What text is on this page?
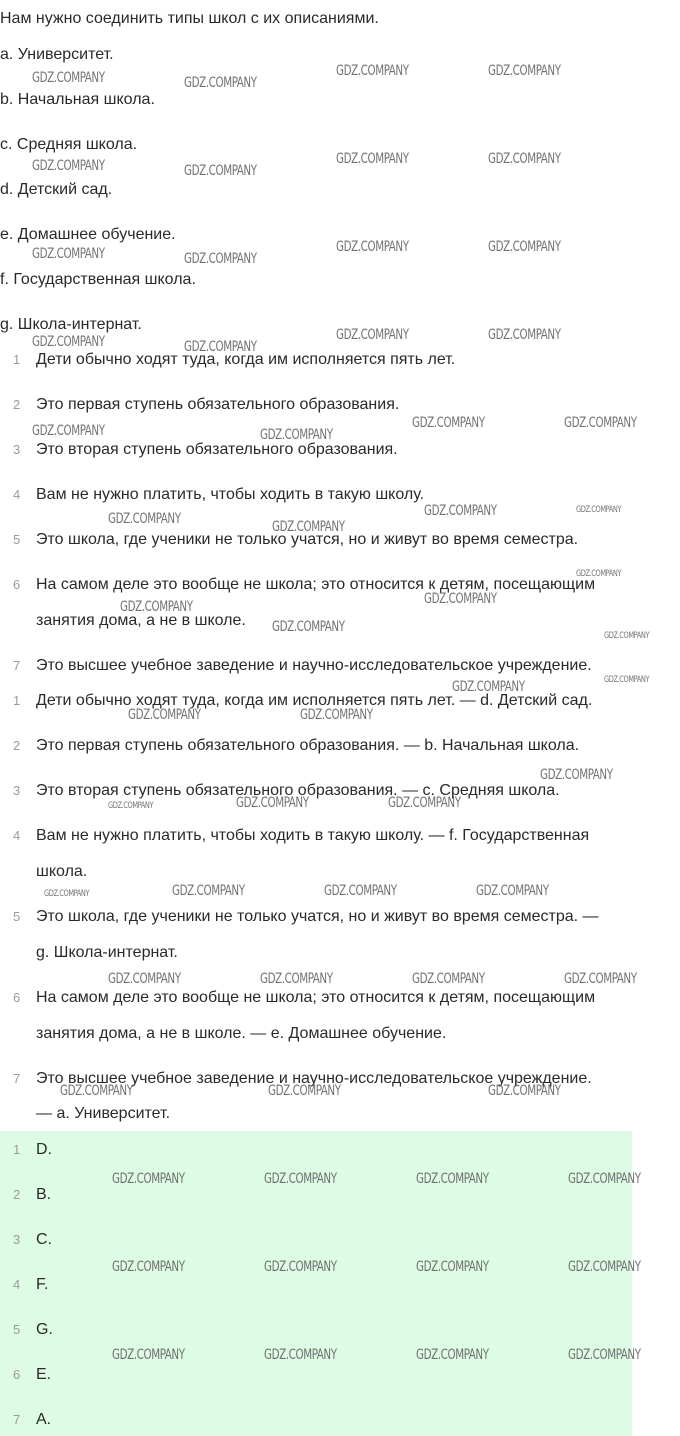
Нам нужно соединить типы школ с их описаниями.
a. Университет.
b. Начальная школа.
c. Средняя школа.
d. Детский сад.
e. Домашнее обучение.
f. Государственная школа.
g. Школа-интернат.
1 Дети обычно ходят туда, когда им исполняется пять лет.
2 Это первая ступень обязательного образования.
3 Это вторая ступень обязательного образования.
4 Вам не нужно платить, чтобы ходить в такую школу.
5 Это школа, где ученики не только учатся, но и живут во время семестра.
6 На самом деле это вообще не школа; это относится к детям, посещающим
занятия дома, а не в школе.
7 Это высшее учебное заведение и научно-исследовательское учреждение.
1 Дети обычно ходят туда, когда им исполняется пять лет. — d. Детский сад.
2 Это первая ступень обязательного образования. — b. Начальная школа.
3 Это вторая ступень обязательного образования. — c. Средняя школа.
4 Вам не нужно платить, чтобы ходить в такую школу. — f. Государственная
школа.
5 Это школа, где ученики не только учатся, но и живут во время семестра. —
g. Школа-интернат.
6 На самом деле это вообще не школа; это относится к детям, посещающим
занятия дома, а не в школе. — e. Домашнее обучение.
7 Это высшее учебное заведение и научно-исследовательское учреждение.
— a. Университет.
1 D.
2 B.
3 C.
4 F.
5 G.
6 E.
7 A.
GDZ.COMPANY	GDZ.COMPANY
GDZ.COMPANY	GDZ.COMPANY
GDZ.COMPANY	GDZ.COMPANY
GDZ.COMPANY	GDZ.COMPANY
GDZ.COMPANY	GDZ.COMPANY
GDZ.COMPANY	GDZ.COMPANY
GDZ.COMPANY	GDZ.COMPANY
GDZ.COMPANY	GDZ.COMPANY
GDZ.COMPANY	GDZ.COMPANY
GDZ.COMPANY	GDZ.COMPANY
GDZ.COMPANY	GDZ.COMPANY
GDZ.COMPANY	GDZ.COMPANY
GDZ.COMPANY
GDZ.COMPANY	GDZ.COMPANY
GDZ.COMPANY
GDZ.COMPANY
GDZ.COMPANY
GDZ.COMPANY
GDZ.COMPANY	GDZ.COMPANY
GDZ.COMPANY
GDZ.COMPANY	GDZ.COMPANY	GDZ.COMPANY
GDZ.COMPANY	GDZ.COMPANY	GDZ.COMPANY	GDZ.COMPANY
GDZ.COMPANY	GDZ.COMPANY	GDZ.COMPANY	GDZ.COMPANY
GDZ.COMPANY	GDZ.COMPANY	GDZ.COMPANY
GDZ.COMPANY	GDZ.COMPANY	GDZ.COMPANY	GDZ.COMPANY
GDZ.COMPANY	GDZ.COMPANY	GDZ.COMPANY	GDZ.COMPANY
GDZ.COMPANY	GDZ.COMPANY	GDZ.COMPANY	GDZ.COMPANY
